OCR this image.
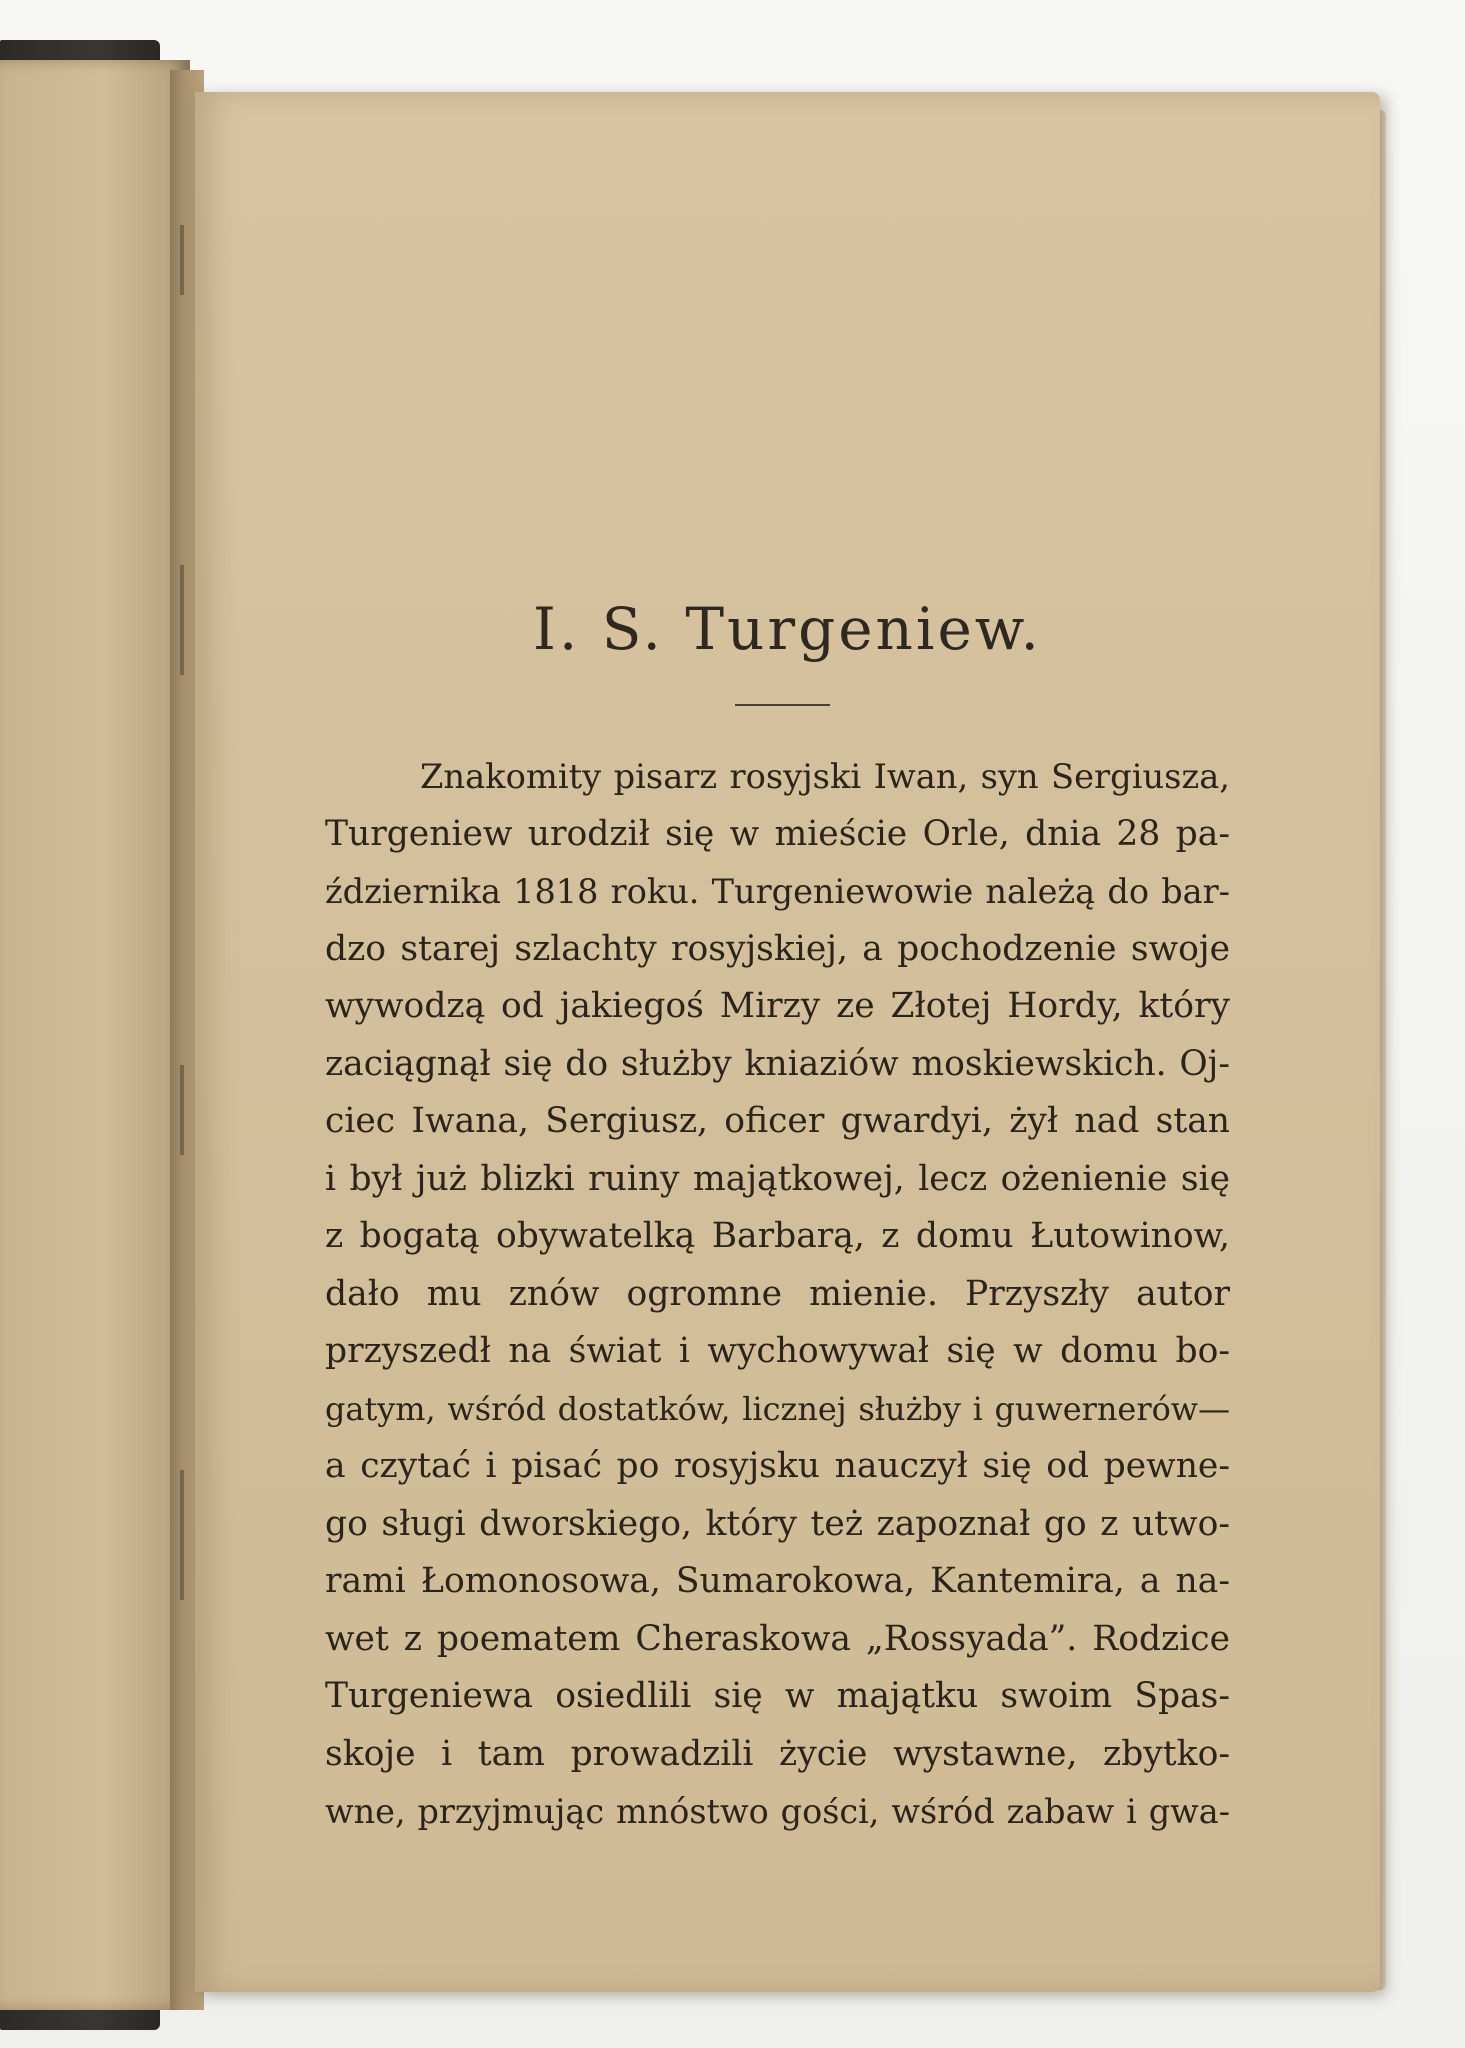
I. S. Turgeniew.
Znakomity pisarz rosyjski Iwan, syn Sergiusza,
Turgeniew urodził się w mieście Orle, dnia 28 pa-
ździernika 1818 roku. Turgeniewowie należą do bar-
dzo starej szlachty rosyjskiej, a pochodzenie swoje
wywodzą od jakiegoś Mirzy ze Złotej Hordy, który
zaciągnął się do służby kniaziów moskiewskich. Oj-
ciec Iwana, Sergiusz, oficer gwardyi, żył nad stan
i był już blizki ruiny majątkowej, lecz ożenienie się
z bogatą obywatelką Barbarą, z domu Łutowinow,
dało mu znów ogromne mienie. Przyszły autor
przyszedł na świat i wychowywał się w domu bo-
gatym, wśród dostatków, licznej służby i guwernerów—
a czytać i pisać po rosyjsku nauczył się od pewne-
go sługi dworskiego, który też zapoznał go z utwo-
rami Łomonosowa, Sumarokowa, Kantemira, a na-
wet z poematem Cheraskowa „Rossyada”. Rodzice
Turgeniewa osiedlili się w majątku swoim Spas-
skoje i tam prowadzili życie wystawne, zbytko-
wne, przyjmując mnóstwo gości, wśród zabaw i gwa-
